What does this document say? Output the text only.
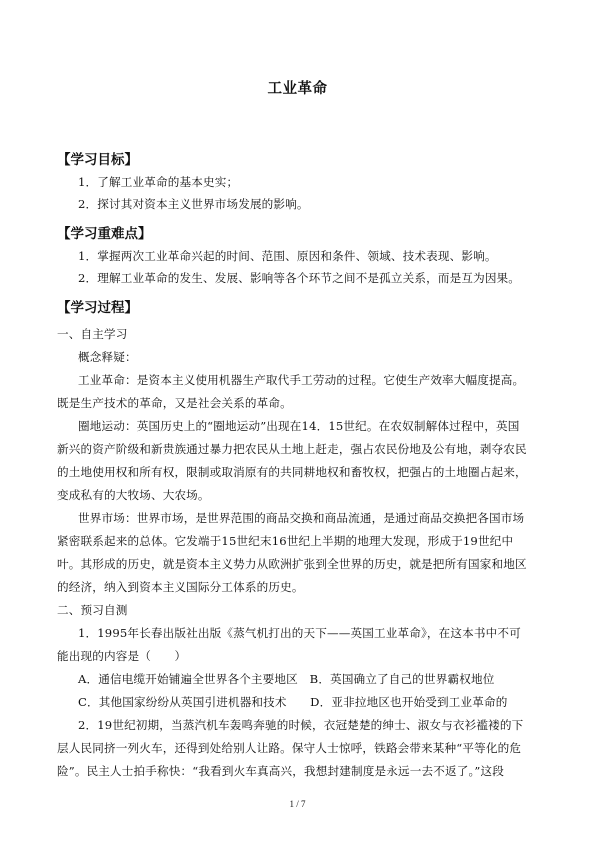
工业革命
【学习目标】
1．了解工业革命的基本史实；
2．探讨其对资本主义世界市场发展的影响。
【学习重难点】
1．掌握两次工业革命兴起的时间、范围、原因和条件、领域、技术表现、影响。
2．理解工业革命的发生、发展、影响等各个环节之间不是孤立关系，而是互为因果。
【学习过程】
一、自主学习
概念释疑：
工业革命：是资本主义使用机器生产取代手工劳动的过程。它使生产效率大幅度提高。
既是生产技术的革命，又是社会关系的革命。
圈地运动：英国历史上的“圈地运动”出现在14．15世纪。在农奴制解体过程中，英国
新兴的资产阶级和新贵族通过暴力把农民从土地上赶走，强占农民份地及公有地，剥夺农民
的土地使用权和所有权，限制或取消原有的共同耕地权和畜牧权，把强占的土地圈占起来，
变成私有的大牧场、大农场。
世界市场：世界市场，是世界范围的商品交换和商品流通，是通过商品交换把各国市场
紧密联系起来的总体。它发端于15世纪末16世纪上半期的地理大发现，形成于19世纪中
叶。其形成的历史，就是资本主义势力从欧洲扩张到全世界的历史，就是把所有国家和地区
的经济，纳入到资本主义国际分工体系的历史。
二、预习自测
1．1995年长春出版社出版《蒸气机打出的天下——英国工业革命》，在这本书中不可
能出现的内容是（　　）
A．通信电缆开始铺遍全世界各个主要地区　B．英国确立了自己的世界霸权地位
C．其他国家纷纷从英国引进机器和技术　　D．亚非拉地区也开始受到工业革命的
2．19世纪初期，当蒸汽机车轰鸣奔驰的时候，衣冠楚楚的绅士、淑女与衣衫褴褛的下
层人民同挤一列火车，还得到处给别人让路。保守人士惊呼，铁路会带来某种“平等化的危
险”。民主人士拍手称快：“我看到火车真高兴，我想封建制度是永远一去不返了。”这段
1 / 7
